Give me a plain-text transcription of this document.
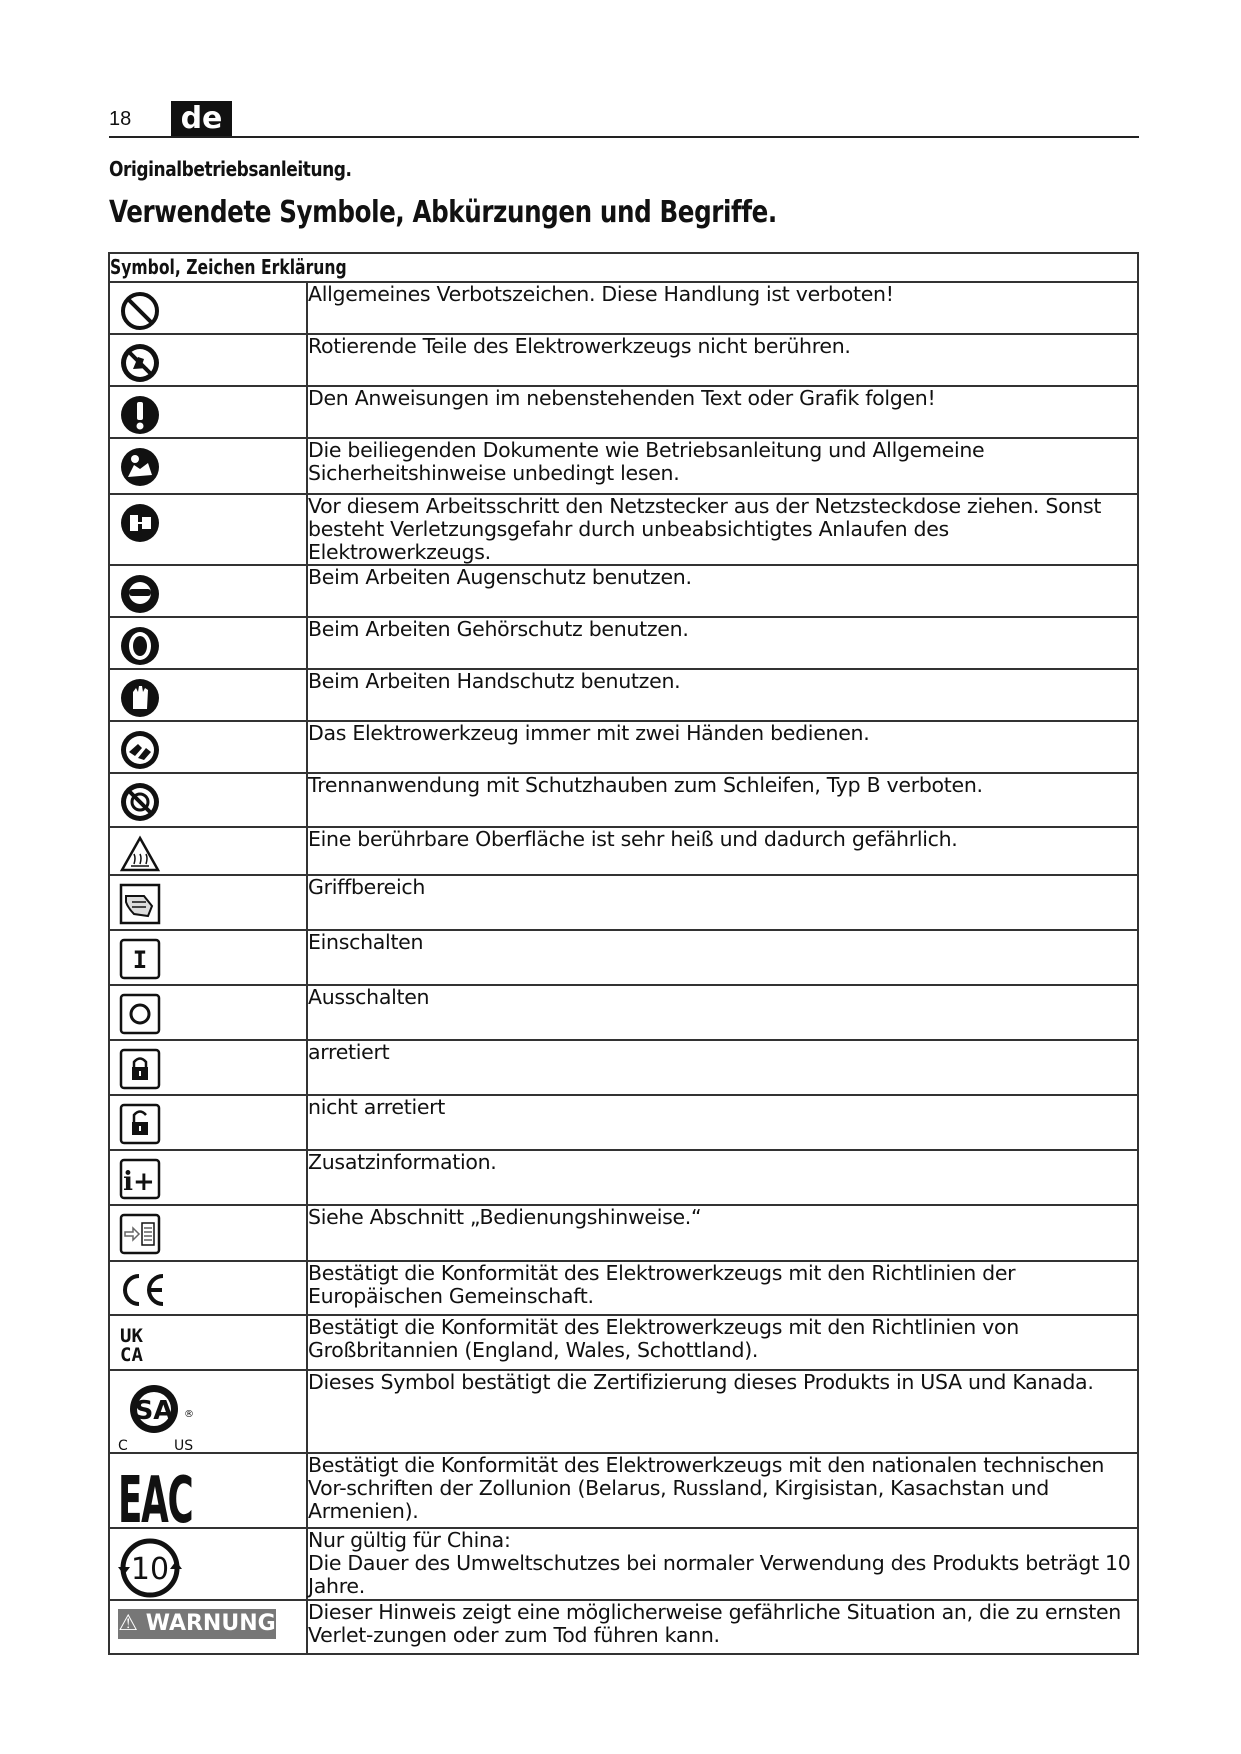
18	de
Originalbetriebsanleitung.
Verwendete Symbole, Abkürzungen und Begriffe.
Symbol, Zeichen Erklärung	

	Allgemeines Verbotszeichen. Diese Handlung ist verboten!

	Rotierende Teile des Elektrowerkzeugs nicht berühren.

	Den Anweisungen im nebenstehenden Text oder Grafik folgen!

	Die beiliegenden Dokumente wie Betriebsanleitung und Allgemeine Sicherheitshinweise unbedingt lesen.

	Vor diesem Arbeitsschritt den Netzstecker aus der Netzsteckdose ziehen. Sonst besteht Verletzungsgefahr durch unbeabsichtigtes Anlaufen des Elektrowerkzeugs.

	Beim Arbeiten Augenschutz benutzen.

	Beim Arbeiten Gehörschutz benutzen.

	Beim Arbeiten Handschutz benutzen.

	Das Elektrowerkzeug immer mit zwei Händen bedienen.

	Trennanwendung mit Schutzhauben zum Schleifen, Typ B verboten.

	Eine berührbare Oberfläche ist sehr heiß und dadurch gefährlich.

	Griffbereich

I	Einschalten

	Ausschalten

	arretiert

	nicht arretiert

i+	Zusatzinformation.

	Siehe Abschnitt „Bedienungshinweise.“

	Bestätigt die Konformität des Elektrowerkzeugs mit den Richtlinien der Europäischen Gemeinschaft.

UK
CA	Bestätigt die Konformität des Elektrowerkzeugs mit den Richtlinien von Großbritannien (England, Wales, Schottland).

SA ®
C US	Dieses Symbol bestätigt die Zertifizierung dieses Produkts in USA und Kanada.

EAC	Bestätigt die Konformität des Elektrowerkzeugs mit den nationalen technischen Vor-schriften der Zollunion (Belarus, Russland, Kirgisistan, Kasachstan und Armenien).

10	Nur gültig für China:
Die Dauer des Umweltschutzes bei normaler Verwendung des Produkts beträgt 10 Jahre.

⚠ WARNUNG	Dieser Hinweis zeigt eine möglicherweise gefährliche Situation an, die zu ernsten Verlet-zungen oder zum Tod führen kann.
